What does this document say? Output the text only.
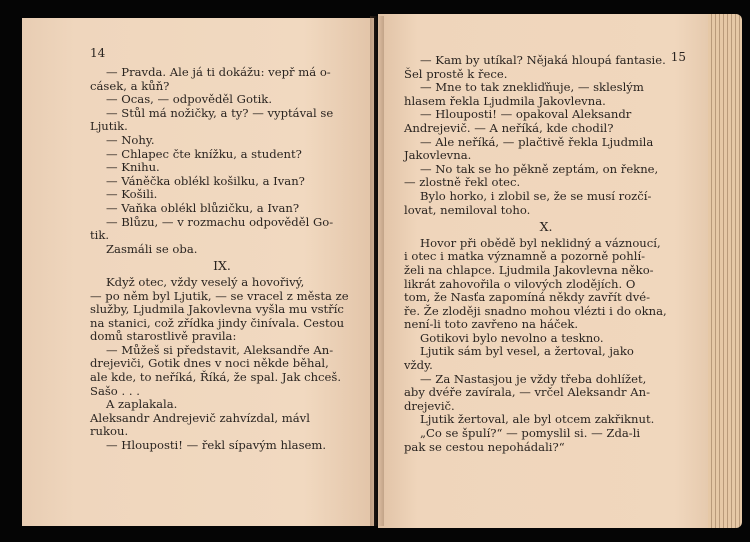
14

— Pravda. Ale já ti dokážu: vepř má o-

cásek, a kůň?

— Ocas, — odpověděl Gotik.

— Stůl má nožičky, a ty? — vyptával se

Ljutik.

— Nohy.

— Chlapec čte knížku, a student?

— Knihu.

— Váněčka oblékl košilku, a Ivan?

— Košili.

— Vaňka oblékl blůzičku, a Ivan?

— Blůzu, — v rozmachu odpověděl Go-

tik.

Zasmáli se oba.

IX.

Když otec, vždy veselý a hovořivý,

— po něm byl Ljutik, — se vracel z města ze

služby, Ljudmila Jakovlevna vyšla mu vstříc

na stanici, což zřídka jindy činívala. Cestou

domů starostlivě pravila:

— Můžeš si představit, Aleksandře An-

drejeviči, Gotik dnes v noci někde běhal,

ale kde, to neříká, Říká, že spal. Jak chceš.

Sašo . . .

A zaplakala.

Aleksandr Andrejevič zahvízdal, mávl

rukou.

— Hlouposti! — řekl sípavým hlasem.

15

— Kam by utíkal? Nějaká hloupá fantasie.

Šel prostě k řece.

— Mne to tak znekliďňuje, — skleslým

hlasem řekla Ljudmila Jakovlevna.

— Hlouposti! — opakoval Aleksandr

Andrejevič. — A neříká, kde chodil?

— Ale neříká, — plačtivě řekla Ljudmila

Jakovlevna.

— No tak se ho pěkně zeptám, on řekne,

— zlostně řekl otec.

Bylo horko, i zlobil se, že se musí rozčí-

lovat, nemiloval toho.

X.

Hovor při obědě byl neklidný a váznoucí,

i otec i matka významně a pozorně pohlí-

želi na chlapce. Ljudmila Jakovlevna něko-

likrát zahovořila o vilových zlodějích. O

tom, že Nasťa zapomíná někdy zavřít dvé-

ře. Že zloději snadno mohou vlézti i do okna,

není-li toto zavřeno na háček.

Gotikovi bylo nevolno a teskno.

Ljutik sám byl vesel, a žertoval, jako

vždy.

— Za Nastasjou je vždy třeba dohlížet,

aby dvéře zavírala, — vrčel Aleksandr An-

drejevič.

Ljutik žertoval, ale byl otcem zakřiknut.

„Co se špulí?“ — pomyslil si. — Zda-li

pak se cestou nepohádali?“
